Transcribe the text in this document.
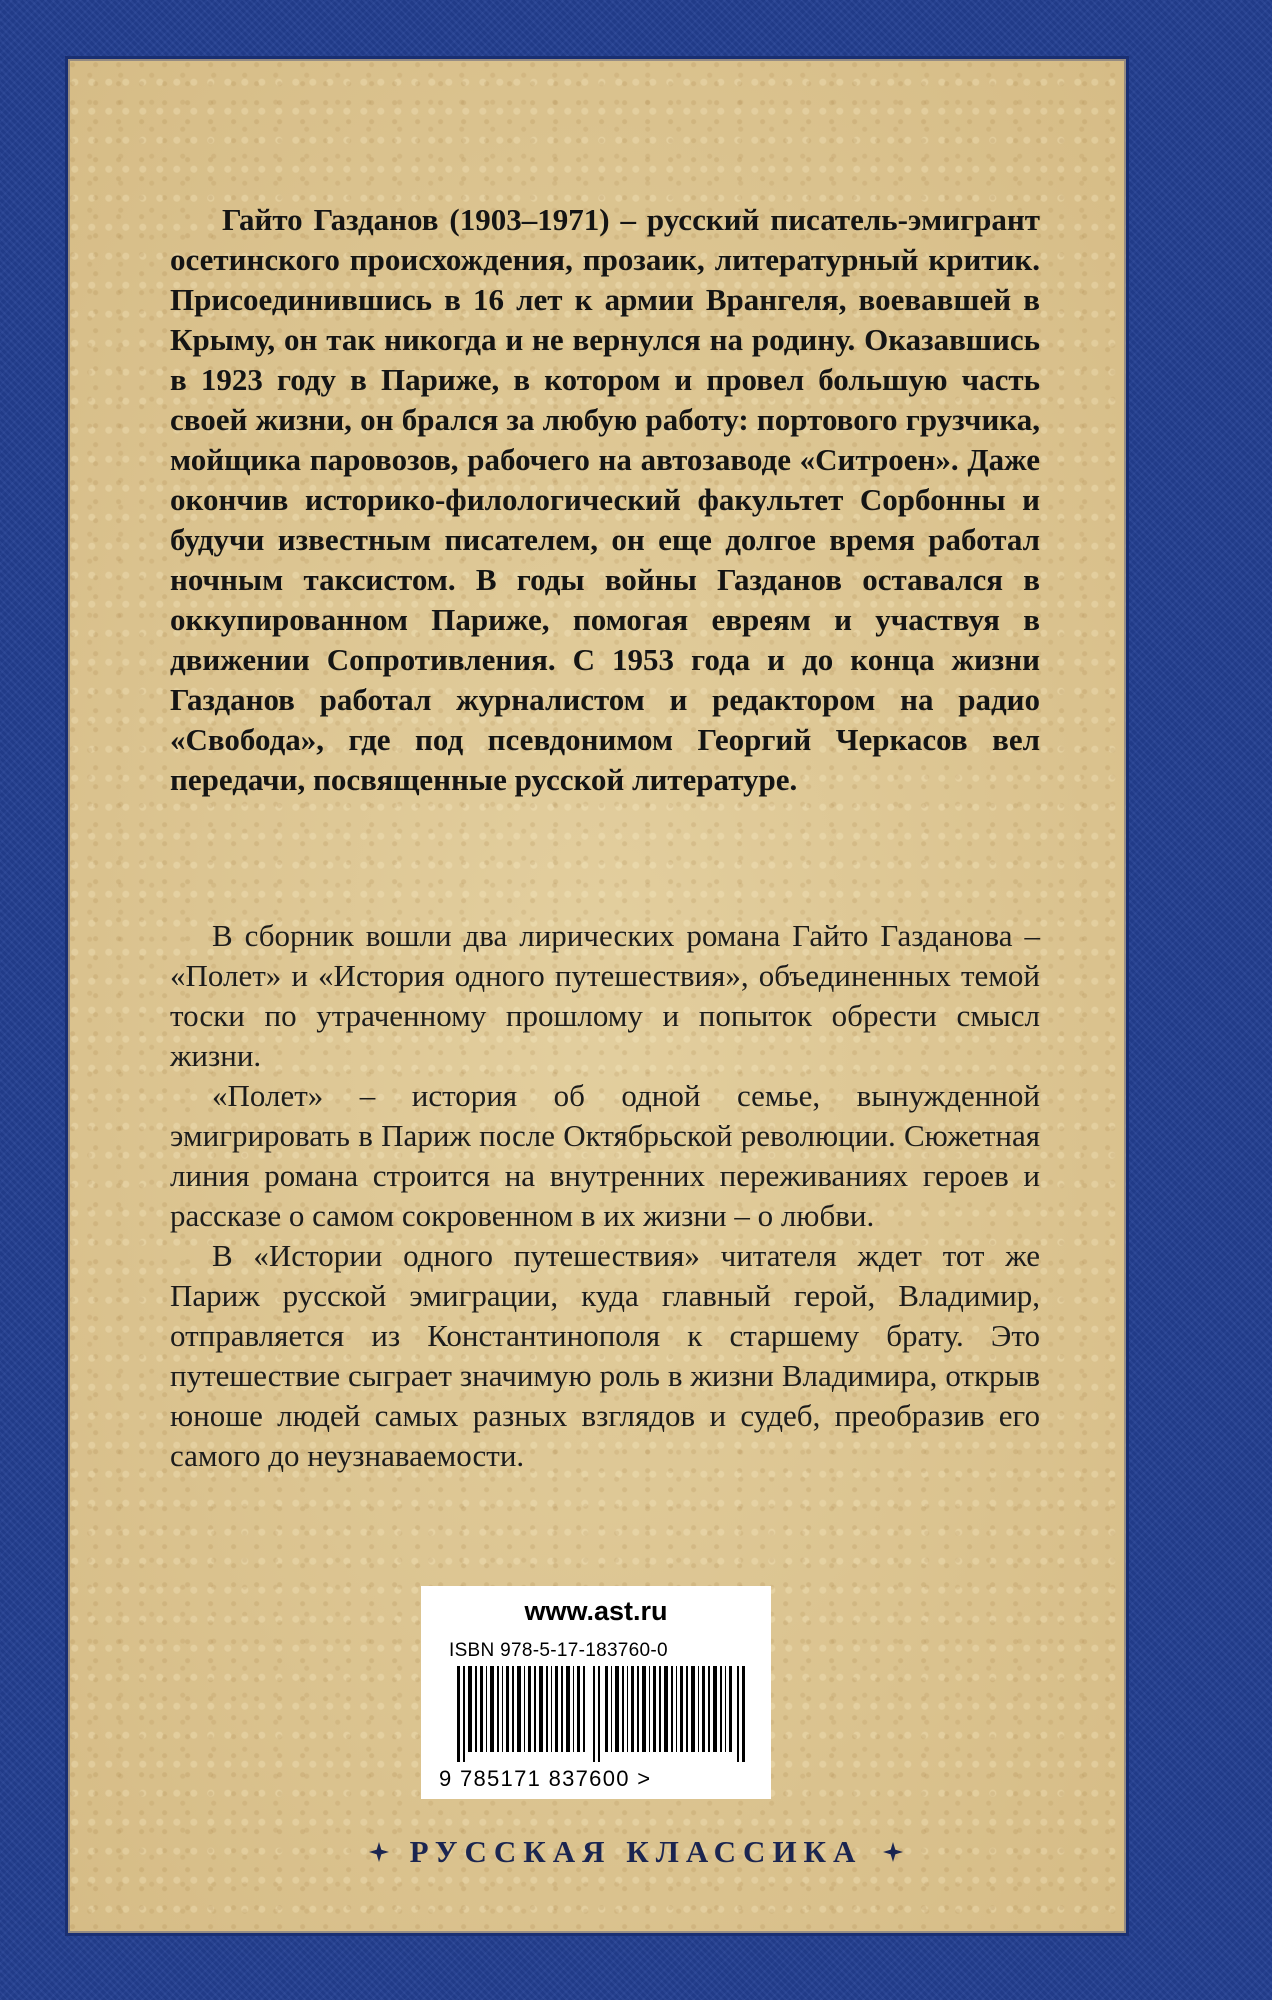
Гайто Газданов (1903–1971) – русский писатель-эмигрант осетинского происхождения, прозаик, литературный критик. Присоединившись в 16 лет к армии Врангеля, воевавшей в Крыму, он так никогда и не вернулся на родину. Оказавшись в 1923 году в Париже, в котором и провел большую часть своей жизни, он брался за любую работу: портового грузчика, мойщика паровозов, рабочего на автозаводе «Ситроен». Даже окончив историко-филологический факультет Сорбонны и будучи известным писателем, он еще долгое время работал ночным таксистом. В годы войны Газданов оставался в оккупированном Париже, помогая евреям и участвуя в движении Сопротивления. С 1953 года и до конца жизни Газданов работал журналистом и редактором на радио «Свобода», где под псевдонимом Георгий Черкасов вел передачи, посвященные русской литературе.

В сборник вошли два лирических романа Гайто Газданова – «Полет» и «История одного путешествия», объединенных темой тоски по утраченному прошлому и попыток обрести смысл жизни.

«Полет» – история об одной семье, вынужденной эмигрировать в Париж после Октябрьской революции. Сюжетная линия романа строится на внутренних переживаниях героев и рассказе о самом сокровенном в их жизни – о любви.

В «Истории одного путешествия» читателя ждет тот же Париж русской эмиграции, куда главный герой, Владимир, отправляется из Константинополя к старшему брату. Это путешествие сыграет значимую роль в жизни Владимира, открыв юноше людей самых разных взглядов и судеб, преобразив его самого до неузнаваемости.

www.ast.ru
ISBN 978-5-17-183760-0
9 785171 837600 >
РУССКАЯ КЛАССИКА
